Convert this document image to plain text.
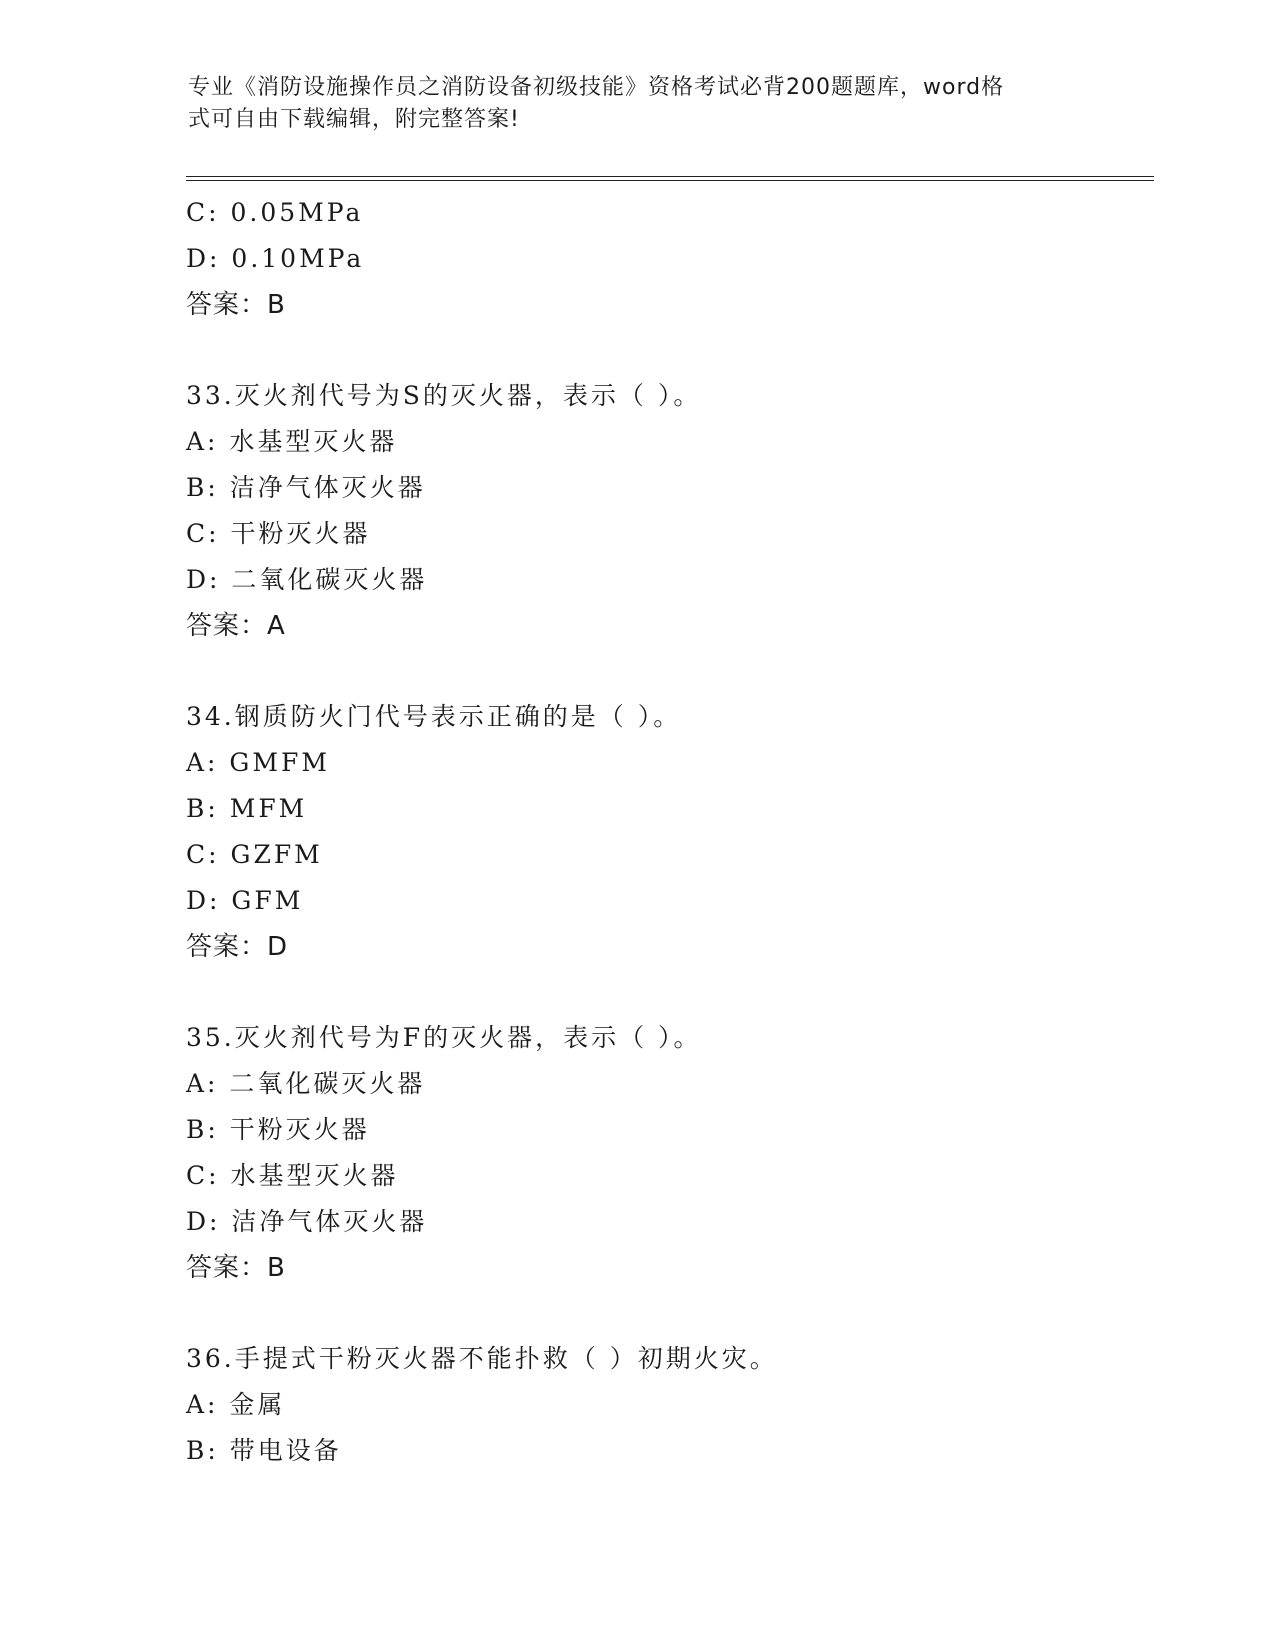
专业《消防设施操作员之消防设备初级技能》资格考试必背200题题库，word格
式可自由下载编辑，附完整答案!
C: 0.05MPa
D: 0.10MPa
答案：B
33.灭火剂代号为S的灭火器，表示（ ）。
A: 水基型灭火器
B: 洁净气体灭火器
C: 干粉灭火器
D: 二氧化碳灭火器
答案：A
34.钢质防火门代号表示正确的是（ ）。
A: GMFM
B: MFM
C: GZFM
D: GFM
答案：D
35.灭火剂代号为F的灭火器，表示（ ）。
A: 二氧化碳灭火器
B: 干粉灭火器
C: 水基型灭火器
D: 洁净气体灭火器
答案：B
36.手提式干粉灭火器不能扑救（ ）初期火灾。
A: 金属
B: 带电设备
